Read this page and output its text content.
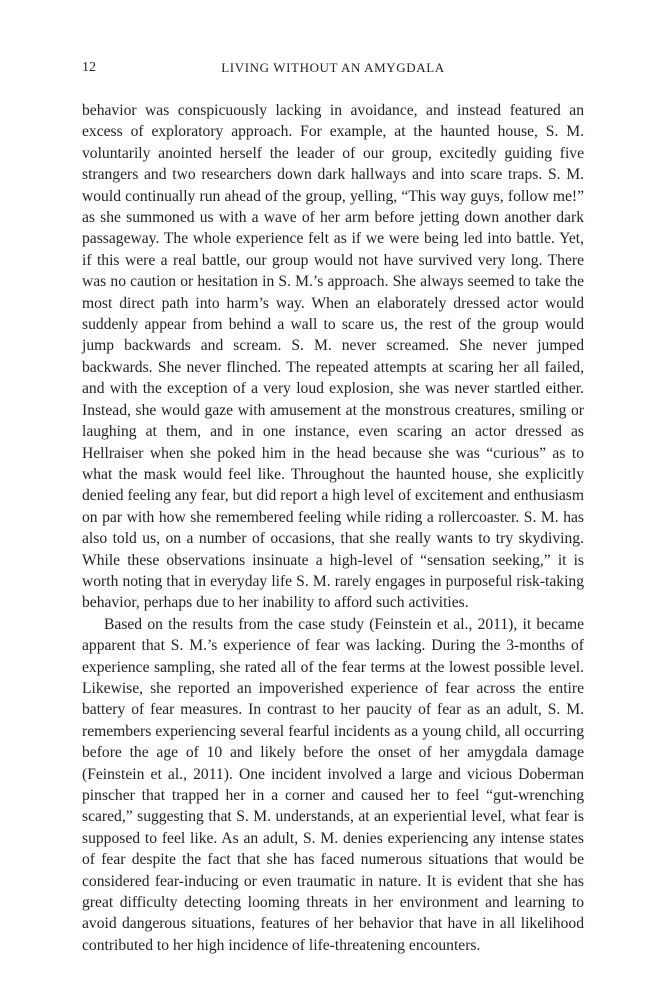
12	LIVING WITHOUT AN AMYGDALA

behavior was conspicuously lacking in avoidance, and instead featured an excess of exploratory approach. For example, at the haunted house, S. M. voluntarily anointed herself the leader of our group, excitedly guiding five strangers and two researchers down dark hallways and into scare traps. S. M. would continually run ahead of the group, yelling, “This way guys, follow me!” as she summoned us with a wave of her arm before jetting down another dark passageway. The whole experience felt as if we were being led into battle. Yet, if this were a real battle, our group would not have survived very long. There was no caution or hesitation in S. M.’s approach. She always seemed to take the most direct path into harm’s way. When an elaborately dressed actor would suddenly appear from behind a wall to scare us, the rest of the group would jump backwards and scream. S. M. never screamed. She never jumped backwards. She never flinched. The repeated attempts at scaring her all failed, and with the exception of a very loud explosion, she was never startled either. Instead, she would gaze with amusement at the monstrous creatures, smiling or laughing at them, and in one instance, even scaring an actor dressed as Hellraiser when she poked him in the head because she was “curious” as to what the mask would feel like. Throughout the haunted house, she explicitly denied feeling any fear, but did report a high level of excitement and enthusiasm on par with how she remembered feeling while riding a rollercoaster. S. M. has also told us, on a number of occasions, that she really wants to try skydiving. While these observations insinuate a high-level of “sensation seeking,” it is worth noting that in everyday life S. M. rarely engages in purposeful risk-taking behavior, perhaps due to her inability to afford such activities.

Based on the results from the case study (Feinstein et al., 2011), it became apparent that S. M.’s experience of fear was lacking. During the 3-months of experience sampling, she rated all of the fear terms at the lowest possible level. Likewise, she reported an impoverished experience of fear across the entire battery of fear measures. In contrast to her paucity of fear as an adult, S. M. remembers experiencing several fearful incidents as a young child, all occurring before the age of 10 and likely before the onset of her amygdala damage (Feinstein et al., 2011). One incident involved a large and vicious Doberman pinscher that trapped her in a corner and caused her to feel “gut-wrenching scared,” suggesting that S. M. understands, at an experiential level, what fear is supposed to feel like. As an adult, S. M. denies experiencing any intense states of fear despite the fact that she has faced numerous situations that would be considered fear-inducing or even traumatic in nature. It is evident that she has great difficulty detecting looming threats in her environment and learning to avoid dangerous situations, features of her behavior that have in all likelihood contributed to her high incidence of life-threatening encounters.
